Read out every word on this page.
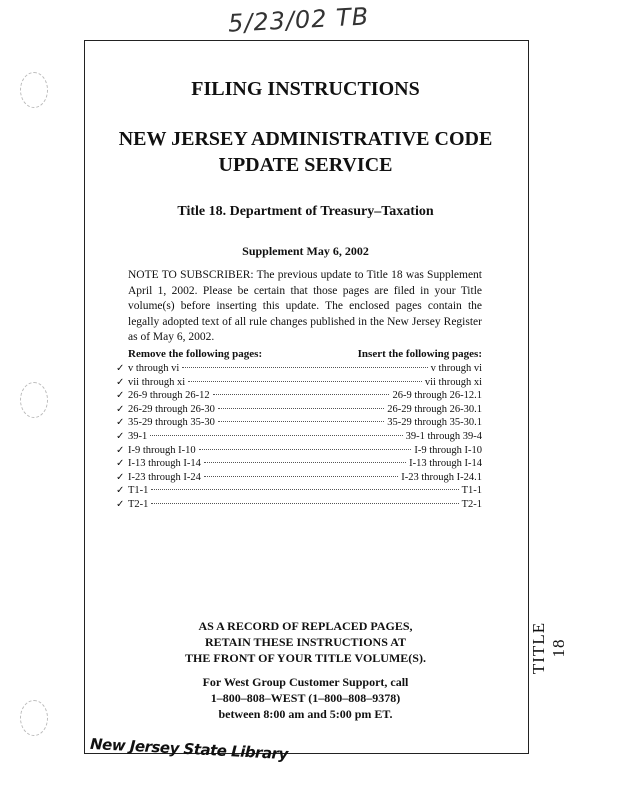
5/23/02 TB
TITLE 18
FILING INSTRUCTIONS
NEW JERSEY ADMINISTRATIVE CODE
UPDATE SERVICE
Title 18. Department of Treasury–Taxation
Supplement May 6, 2002
NOTE TO SUBSCRIBER: The previous update to Title 18 was Supplement April 1, 2002. Please be certain that those pages are filed in your Title volume(s) before inserting this update. The enclosed pages contain the legally adopted text of all rule changes published in the New Jersey Register as of May 6, 2002.
Remove the following pages:	Insert the following pages:
✓ v through vi	v through vi
✓ vii through xi	vii through xi
✓ 26-9 through 26-12	26-9 through 26-12.1
✓ 26-29 through 26-30	26-29 through 26-30.1
✓ 35-29 through 35-30	35-29 through 35-30.1
✓ 39-1	39-1 through 39-4
✓ I-9 through I-10	I-9 through I-10
✓ I-13 through I-14	I-13 through I-14
✓ I-23 through I-24	I-23 through I-24.1
✓ T1-1	T1-1
✓ T2-1	T2-1
AS A RECORD OF REPLACED PAGES,
RETAIN THESE INSTRUCTIONS AT
THE FRONT OF YOUR TITLE VOLUME(S).
For West Group Customer Support, call
1–800–808–WEST (1–800–808–9378)
between 8:00 am and 5:00 pm ET.
New Jersey State Library
